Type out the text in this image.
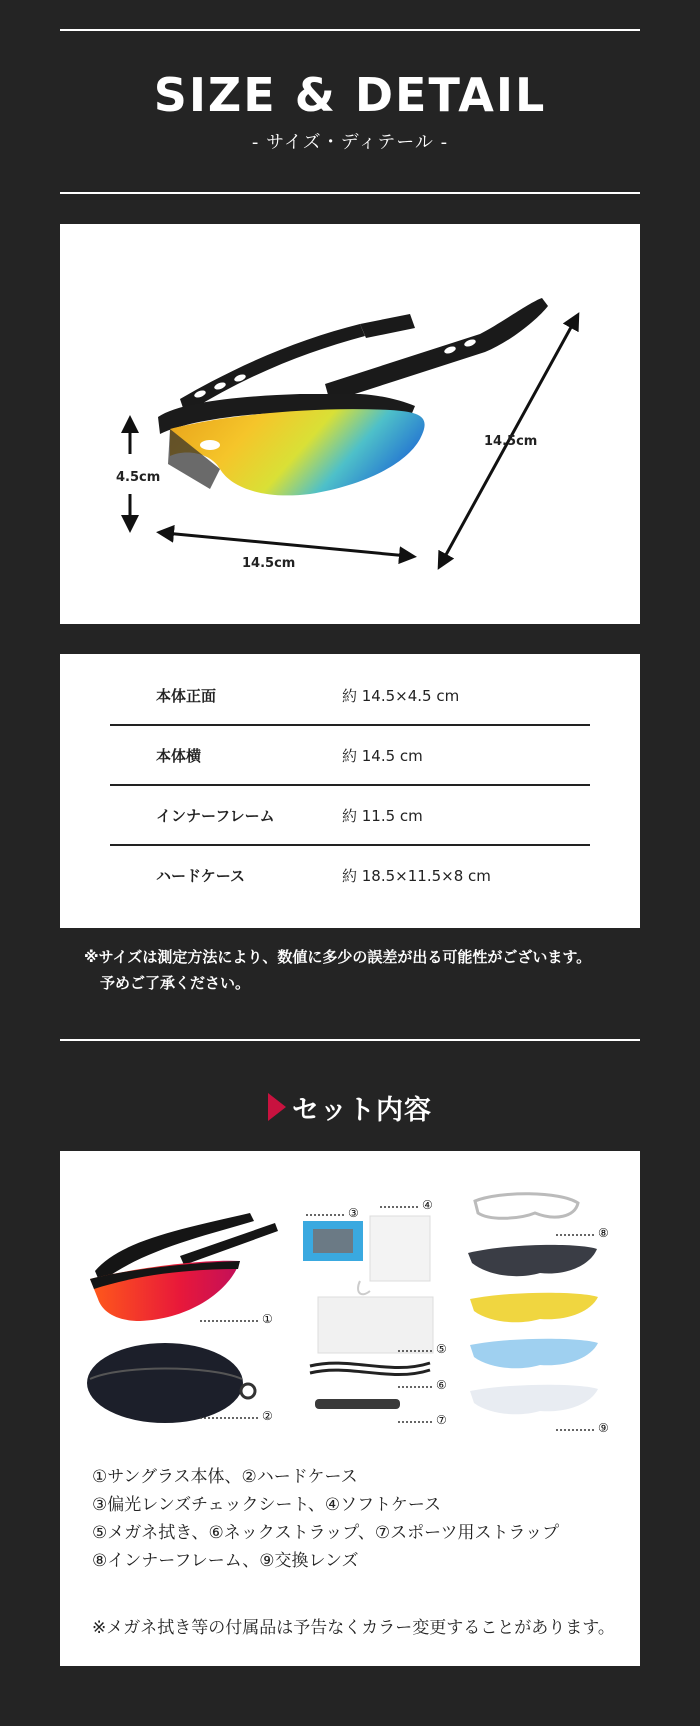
SIZE & DETAIL
- サイズ・ディテール -
4.5cm
14.5cm
14.5cm
本体正面	約 14.5×4.5 cm
本体横	約 14.5 cm
インナーフレーム	約 11.5 cm
ハードケース	約 18.5×11.5×8 cm
※サイズは測定方法により、数値に多少の誤差が出る可能性がございます。
予めご了承ください。
セット内容
①
②
③
④
⑤
⑥
⑦
⑧
⑨
①サングラス本体、②ハードケース
③偏光レンズチェックシート、④ソフトケース
⑤メガネ拭き、⑥ネックストラップ、⑦スポーツ用ストラップ
⑧インナーフレーム、⑨交換レンズ
※メガネ拭き等の付属品は予告なくカラー変更することがあります。
